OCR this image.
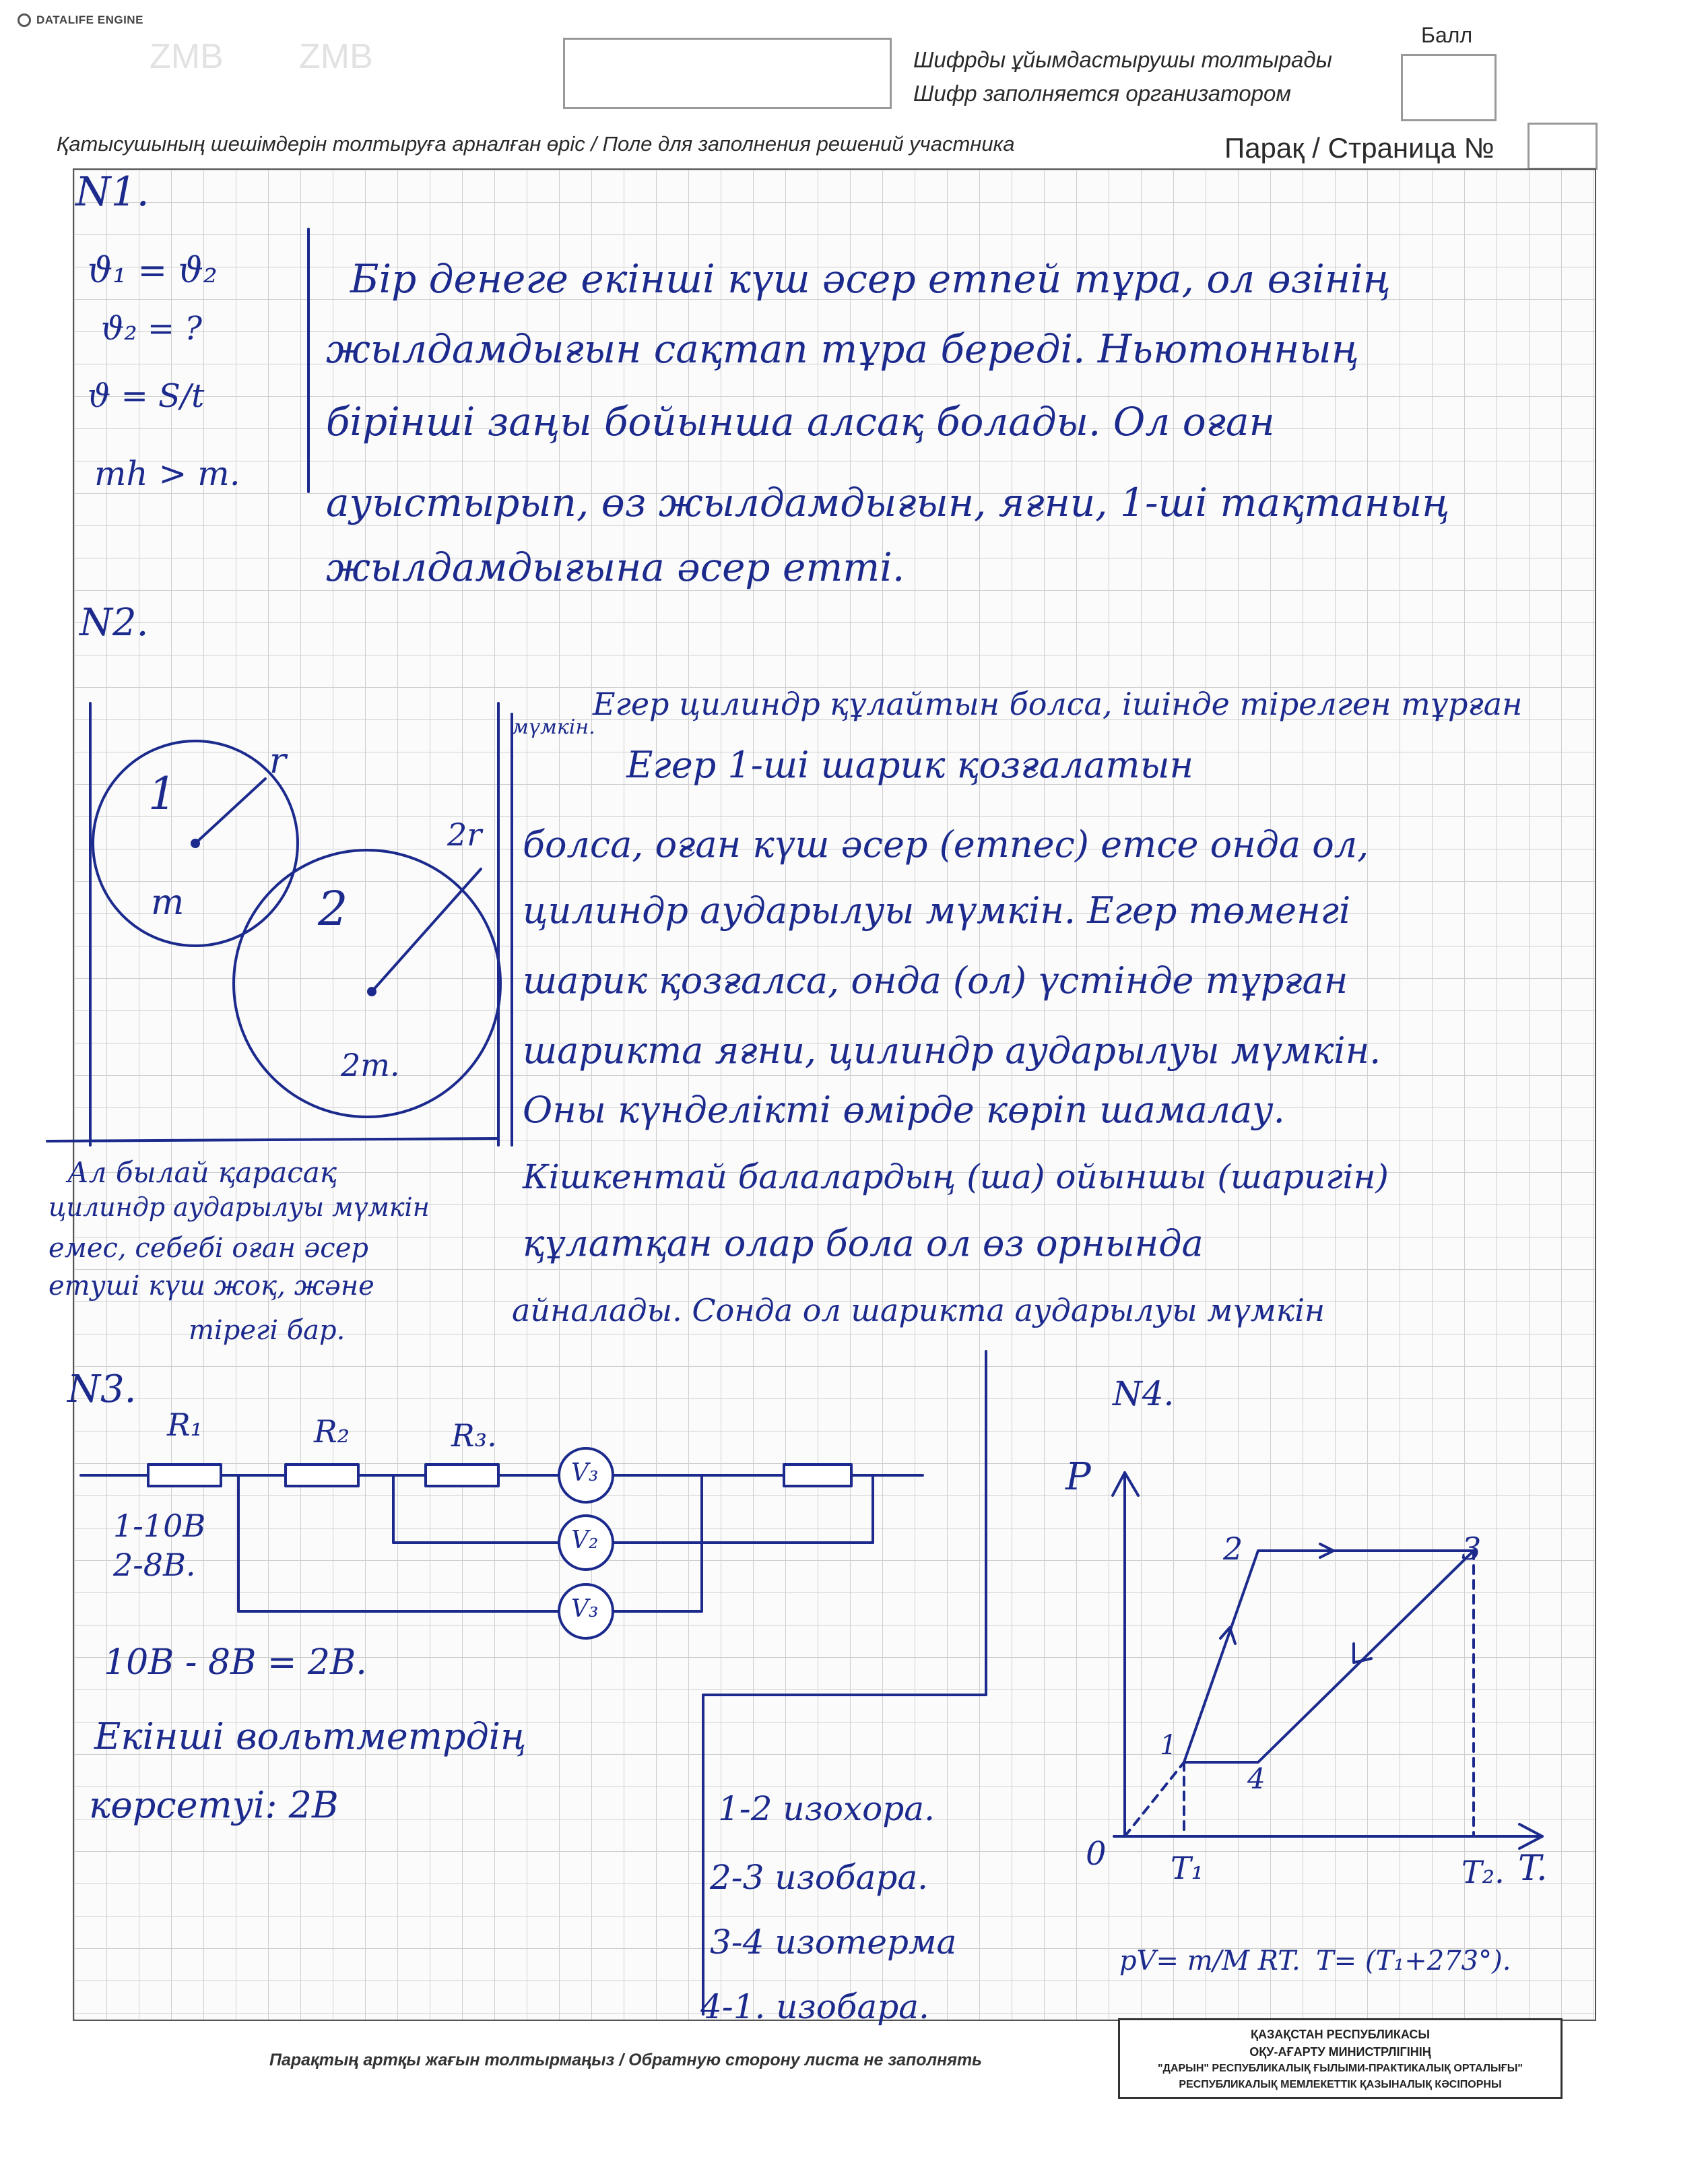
DATALIFE ENGINE
ZMB ZMB	Шифрды ұйымдастырушы толтырады
Шифр заполняется организатором
Балл
Қатысушының шешімдерін толтыруға арналған өріс / Поле для заполнения решений участника	Парақ / Страница №
N1.
ϑ₁ = ϑ₂
ϑ₂ = ?
ϑ = S/t
mh > m.
Бір денеге екінші күш әсер етпей тұра, ол өзінің
жылдамдығын сақтап тұра береді. Ньютонның
бірінші заңы бойынша алсақ болады. Ол оған
ауыстырып, өз жылдамдығын, яғни, 1-ші тақтаның
жылдамдығына әсер етті.
N2.
1
r
m	2
2r
2m.
мүмкін.
Егер цилиндр құлайтын болса, ішінде тірелген тұрған
Егер 1-ші шарик қозғалатын
болса, оған күш әсер (етпес) етсе онда ол,
цилиндр аударылуы мүмкін. Егер төменгі
шарик қозғалса, онда (ол) үстінде тұрған
шарикта яғни, цилиндр аударылуы мүмкін.
Оны күнделікті өмірде көріп шамалау.
Кішкентай балалардың (ша) ойыншы (шаригін)
құлатқан олар бола ол өз орнында
айналады. Сонда ол шарикта аударылуы мүмкін
Ал былай қарасақ
цилиндр аударылуы мүмкін
емес, себебі оған әсер
етуші күш жоқ, және
тірегі бар.
N3.
R₁	R₂	R₃.
V₃
V₂
V₃
1-10В
2-8В.
10В - 8В = 2В.
Екінші вольтметрдің
көрсетуі: 2В	1-2 изохора.
2-3 изобара.
3-4 изотерма
4-1. изобара.
N4.
P
T.
0 T₁	T₂.
1
2	3
4
pV= m/M RT. T= (T₁+273°).
Парақтың артқы жағын толтырмаңыз / Обратную сторону листа не заполнять
ҚАЗАҚСТАН РЕСПУБЛИКАСЫ
ОҚУ-АҒАРТУ МИНИСТРЛІГІНІҢ
"ДАРЫН" РЕСПУБЛИКАЛЫҚ ҒЫЛЫМИ-ПРАКТИКАЛЫҚ ОРТАЛЫҒЫ"
РЕСПУБЛИКАЛЫҚ МЕМЛЕКЕТТІК ҚАЗЫНАЛЫҚ КӘСІПОРНЫ
